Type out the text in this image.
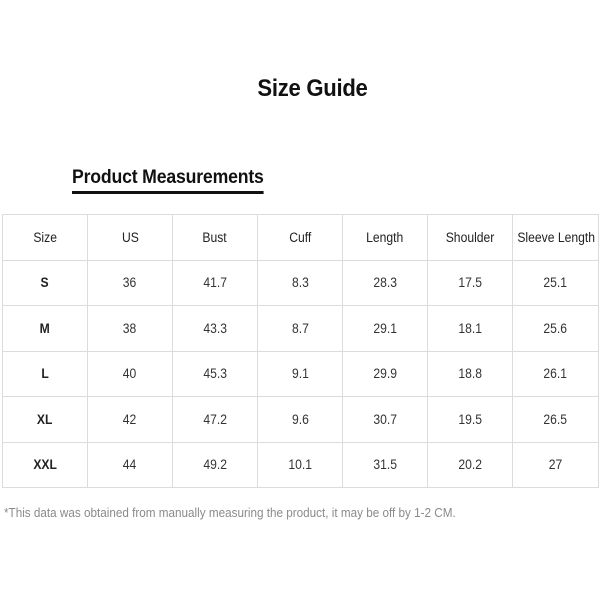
Size Guide
Product Measurements
Size	US	Bust	Cuff	Length	Shoulder	Sleeve Length
S	36	41.7	8.3	28.3	17.5	25.1
M	38	43.3	8.7	29.1	18.1	25.6
L	40	45.3	9.1	29.9	18.8	26.1
XL	42	47.2	9.6	30.7	19.5	26.5
XXL	44	49.2	10.1	31.5	20.2	27
*This data was obtained from manually measuring the product, it may be off by 1-2 CM.
